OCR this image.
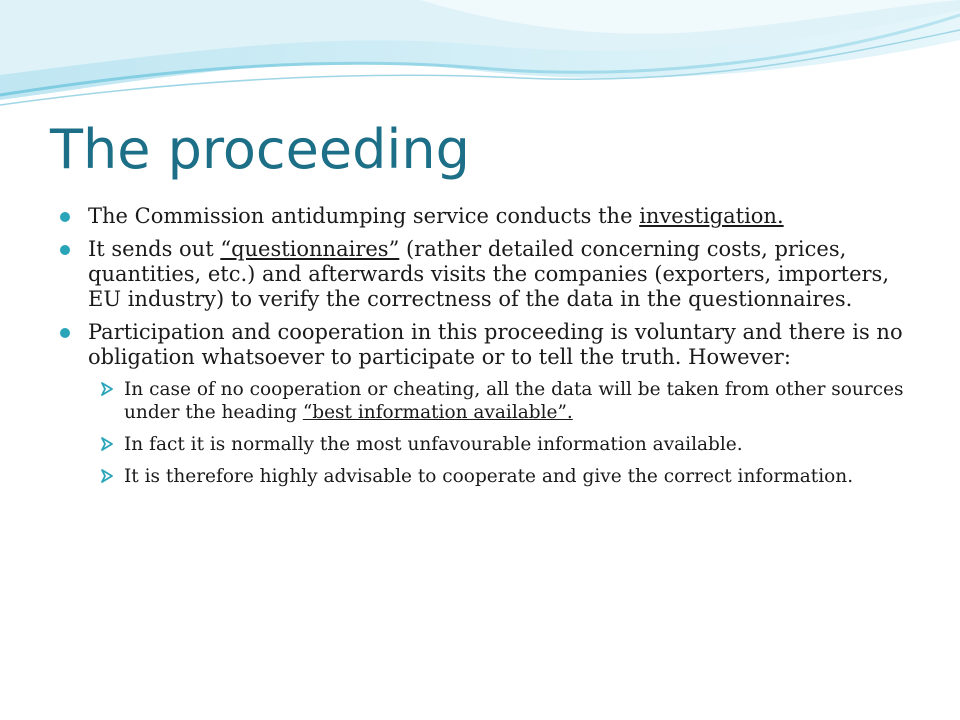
The proceeding
The Commission antidumping service conducts the investigation.
It sends out “questionnaires” (rather detailed concerning costs, prices, quantities, etc.) and afterwards visits the companies (exporters, importers, EU industry) to verify the correctness of the data in the questionnaires.
Participation and cooperation in this proceeding is voluntary and there is no obligation whatsoever to participate or to tell the truth. However:
In case of no cooperation or cheating, all the data will be taken from other sources under the heading “best information available”.
In fact it is normally the most unfavourable information available.
It is therefore highly advisable to cooperate and give the correct information.
